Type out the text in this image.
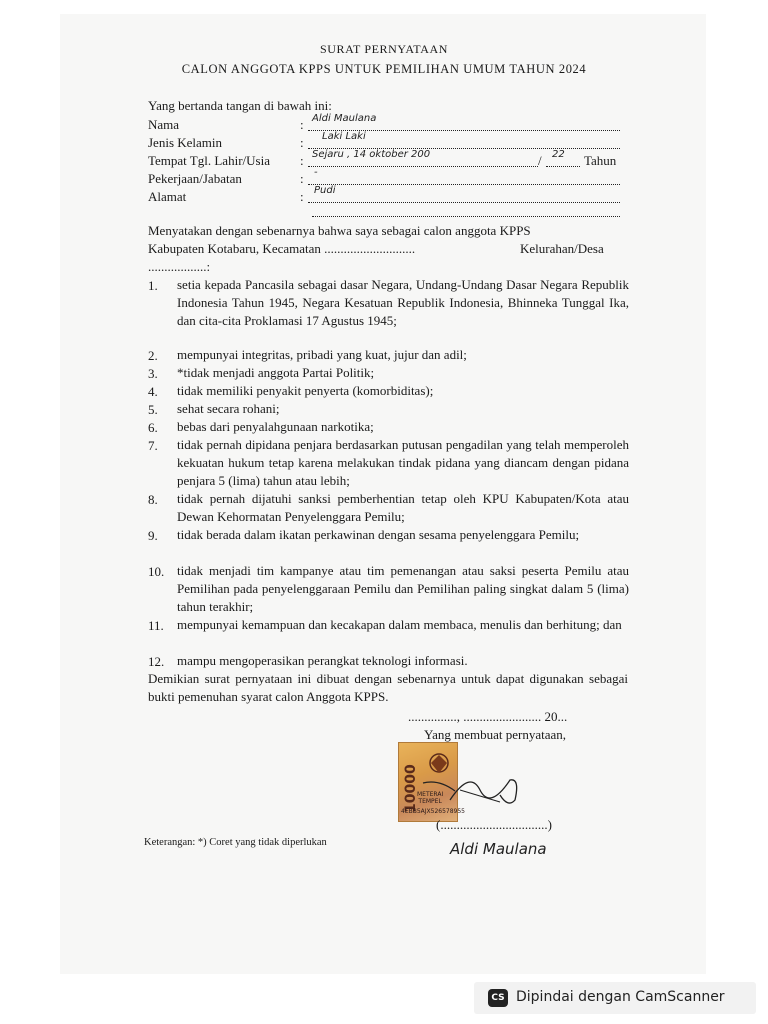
SURAT PERNYATAAN
CALON ANGGOTA KPPS UNTUK PEMILIHAN UMUM TAHUN 2024
Yang bertanda tangan di bawah ini:
Nama	: Aldi Maulana
Jenis Kelamin	: Laki Laki
Tempat Tgl. Lahir/Usia : Sejaru , 14 oktober 200	/ 22 Tahun
Pekerjaan/Jabatan	: -
Alamat	: Pudi
Menyatakan dengan sebenarnya bahwa saya sebagai calon anggota KPPS
Kabupaten Kotabaru, Kecamatan ............................	Kelurahan/Desa
..................:
1. setia kepada Pancasila sebagai dasar Negara, Undang-Undang Dasar Negara Republik Indonesia Tahun 1945, Negara Kesatuan Republik Indonesia, Bhinneka Tunggal Ika, dan cita-cita Proklamasi 17 Agustus 1945;
2. mempunyai integritas, pribadi yang kuat, jujur dan adil;
3. *tidak menjadi anggota Partai Politik;
4. tidak memiliki penyakit penyerta (komorbiditas);
5. sehat secara rohani;
6. bebas dari penyalahgunaan narkotika;
7. tidak pernah dipidana penjara berdasarkan putusan pengadilan yang telah memperoleh kekuatan hukum tetap karena melakukan tindak pidana yang diancam dengan pidana penjara 5 (lima) tahun atau lebih;
8. tidak pernah dijatuhi sanksi pemberhentian tetap oleh KPU Kabupaten/Kota atau Dewan Kehormatan Penyelenggara Pemilu;
9. tidak berada dalam ikatan perkawinan dengan sesama penyelenggara Pemilu;
10. tidak menjadi tim kampanye atau tim pemenangan atau saksi peserta Pemilu atau Pemilihan pada penyelenggaraan Pemilu dan Pemilihan paling singkat dalam 5 (lima) tahun terakhir;
11. mempunyai kemampuan dan kecakapan dalam membaca, menulis dan berhitung; dan
12. mampu mengoperasikan perangkat teknologi informasi.
Demikian surat pernyataan ini dibuat dengan sebenarnya untuk dapat digunakan sebagai bukti pemenuhan syarat calon Anggota KPPS.
..............., ........................ 20...
Yang membuat pernyataan,
10000
METERAI
TEMPEL
4EBB5AJX526578955
(.................................)
Aldi Maulana
Keterangan: *) Coret yang tidak diperlukan
CS Dipindai dengan CamScanner
